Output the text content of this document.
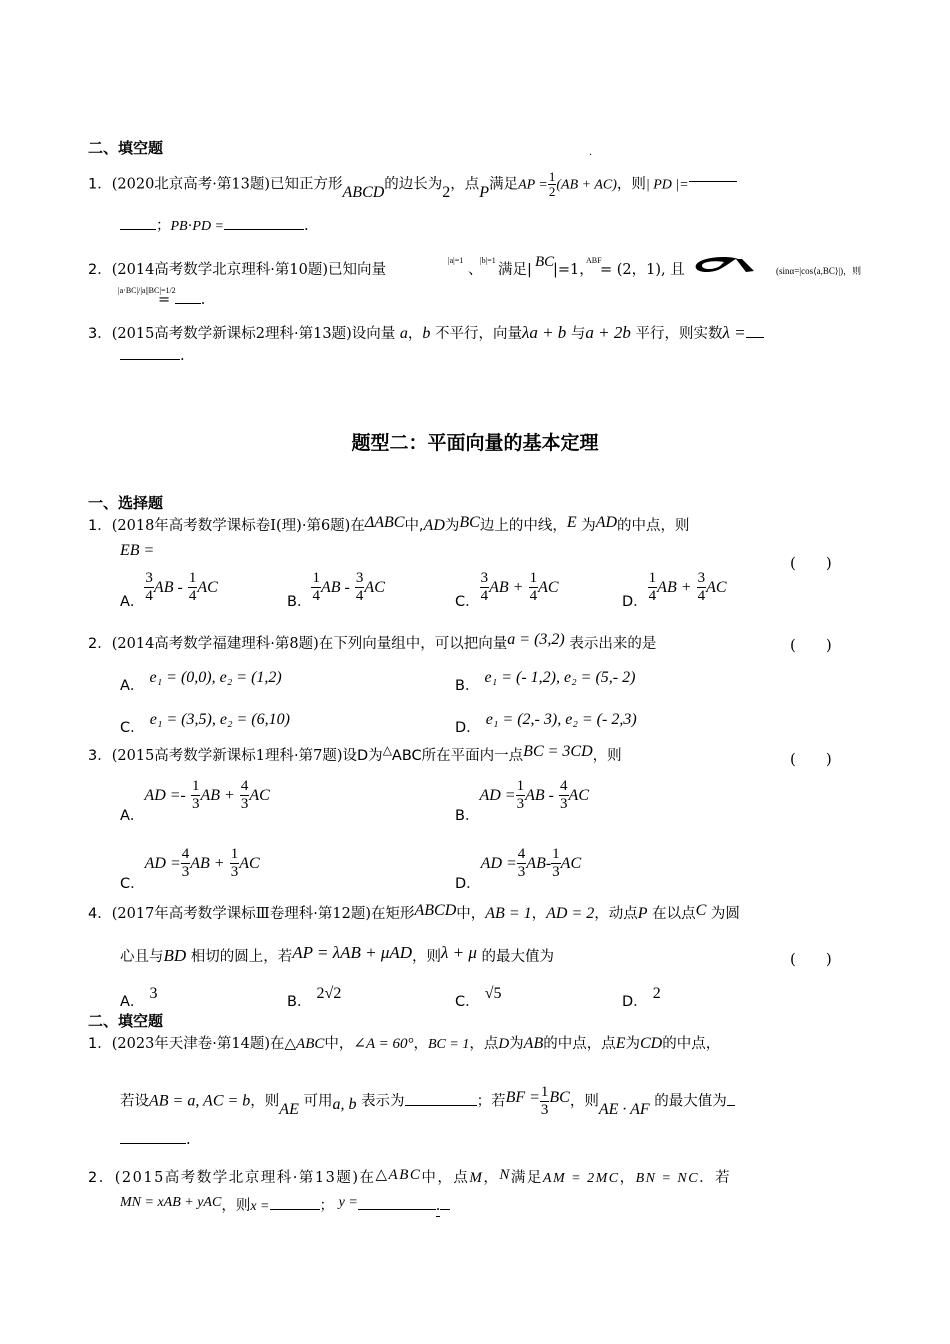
二、填空题
1．(2020北京高考·第13题)已知正方形ABCD的边长为2，点P满足AP = $\frac{1}{2} (AB + AC)$，则| PD |=
·
；PB⋅PD =	.
2．(2014高考数学北京理科·第10题)已知向量
|a|=1
、
|b|=1
满足| BC
|=1，
ABF
= (2，1), 且	(sinα=|cos⟨a,BC⟩|)，则
|a·BC|/|a||BC|=1/2
= .
3．(2015高考数学新课标2理科·第13题)设向量 a，b 不平行，向量λa + b 与a + 2b 平行，则实数λ =
.
题型二：平面向量的基本定理
一、选择题
1．(2018年高考数学课标卷Ⅰ(理)·第6题)在ΔABC中,AD为BC边上的中线，E 为AD的中点，则
EB =
(　　)
A． $\frac{3}{4}$ AB - $\frac{1}{4}$ AC
B． $\frac{1}{4}$ AB - $\frac{3}{4}$ AC
C． $\frac{3}{4}$ AB + $\frac{1}{4}$ AC
D． $\frac{1}{4}$ AB + $\frac{3}{4}$ AC
2．(2014高考数学福建理科·第8题)在下列向量组中，可以把向量a = (3,2) 表示出来的是	(　　)
A． e₁ = (0,0), e₂ = (1,2)	B． e₁ = (- 1,2), e₂ = (5,- 2)
C． e₁ = (3,5), e₂ = (6,10)	D． e₁ = (2,- 3), e₂ = (- 2,3)
3．(2015高考数学新课标1理科·第7题)设D为△ABC所在平面内一点BC = 3CD，则	(　　)
A．AD =- $\frac{1}{3}$ AB + $\frac{4}{3}$ AC
B．AD = $\frac{1}{3}$ AB - $\frac{4}{3}$ AC
C．AD = $\frac{4}{3}$ AB + $\frac{1}{3}$ AC
D．AD = $\frac{4}{3} AB- \frac{1}{3}$ AC
4．(2017年高考数学课标Ⅲ卷理科·第12题)在矩形ABCD中，AB = 1，AD = 2，动点P 在以点C 为圆
心且与BD 相切的圆上，若AP = λAB + μAD，则λ + μ 的最大值为	(　　)
A． 3	B． 2√2	C． √5	D． 2
二、填空题
1．(2023年天津卷·第14题)在△ABC中，∠A = 60°，BC = 1，点D为AB的中点，点E为CD的中点，
若设AB = a, AC = b，则AE 可用a, b 表示为	；若BF = $\frac{1}{3}$ BC，则AE · AF 的最大值为
.
2．(2015高考数学北京理科·第13题)在△ABC中，点M，N满足AM = 2MC，BN = NC．若
MN = xAB + yAC，则x =	； y =	.
